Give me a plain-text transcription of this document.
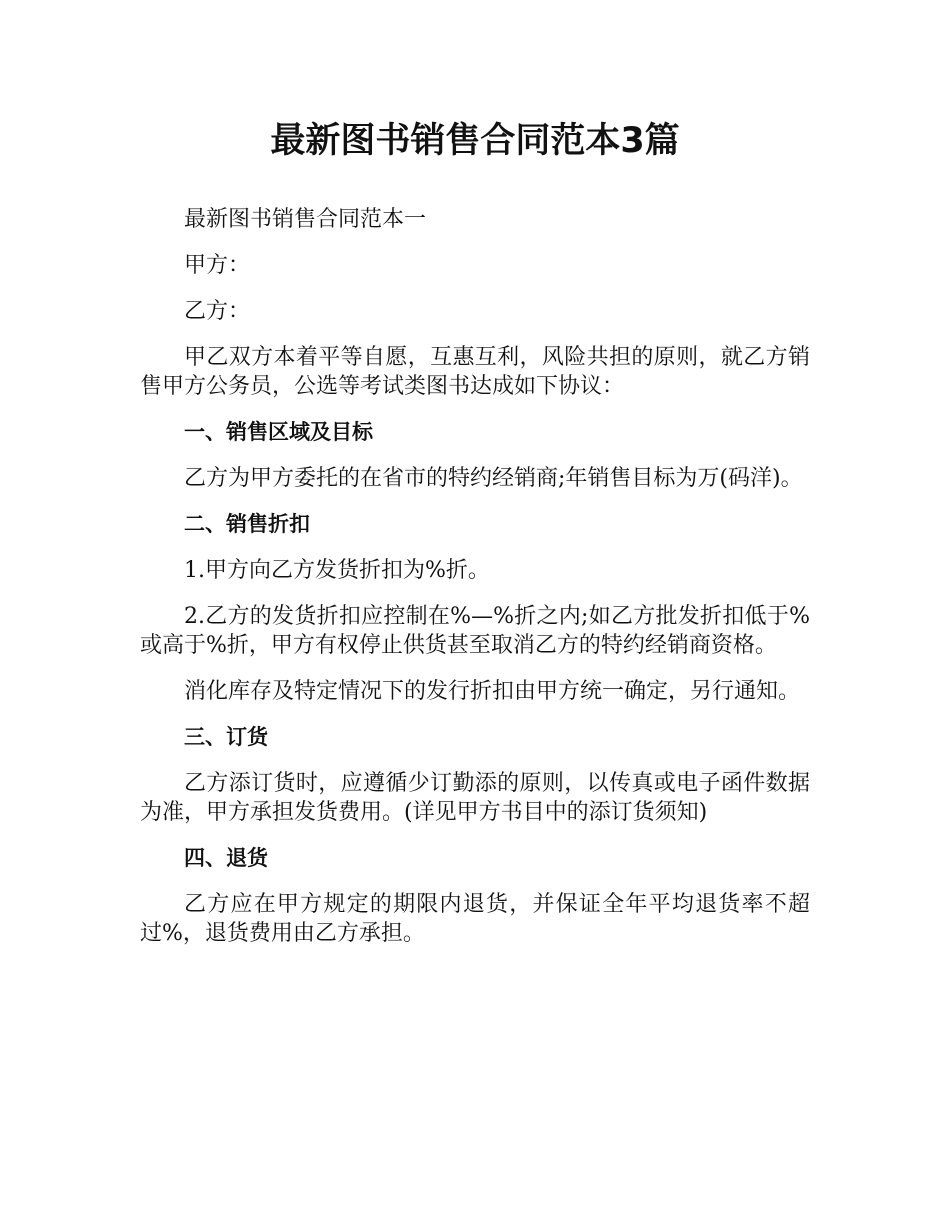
最新图书销售合同范本3篇

最新图书销售合同范本一

甲方：

乙方：

甲乙双方本着平等自愿，互惠互利，风险共担的原则，就乙方销售甲方公务员，公选等考试类图书达成如下协议：

一、销售区域及目标

乙方为甲方委托的在省市的特约经销商;年销售目标为万(码洋)。

二、销售折扣

1.甲方向乙方发货折扣为%折。

2.乙方的发货折扣应控制在%—%折之内;如乙方批发折扣低于%或高于%折，甲方有权停止供货甚至取消乙方的特约经销商资格。

消化库存及特定情况下的发行折扣由甲方统一确定，另行通知。

三、订货

乙方添订货时，应遵循少订勤添的原则，以传真或电子函件数据为准，甲方承担发货费用。(详见甲方书目中的添订货须知)

四、退货

乙方应在甲方规定的期限内退货，并保证全年平均退货率不超过%，退货费用由乙方承担。
